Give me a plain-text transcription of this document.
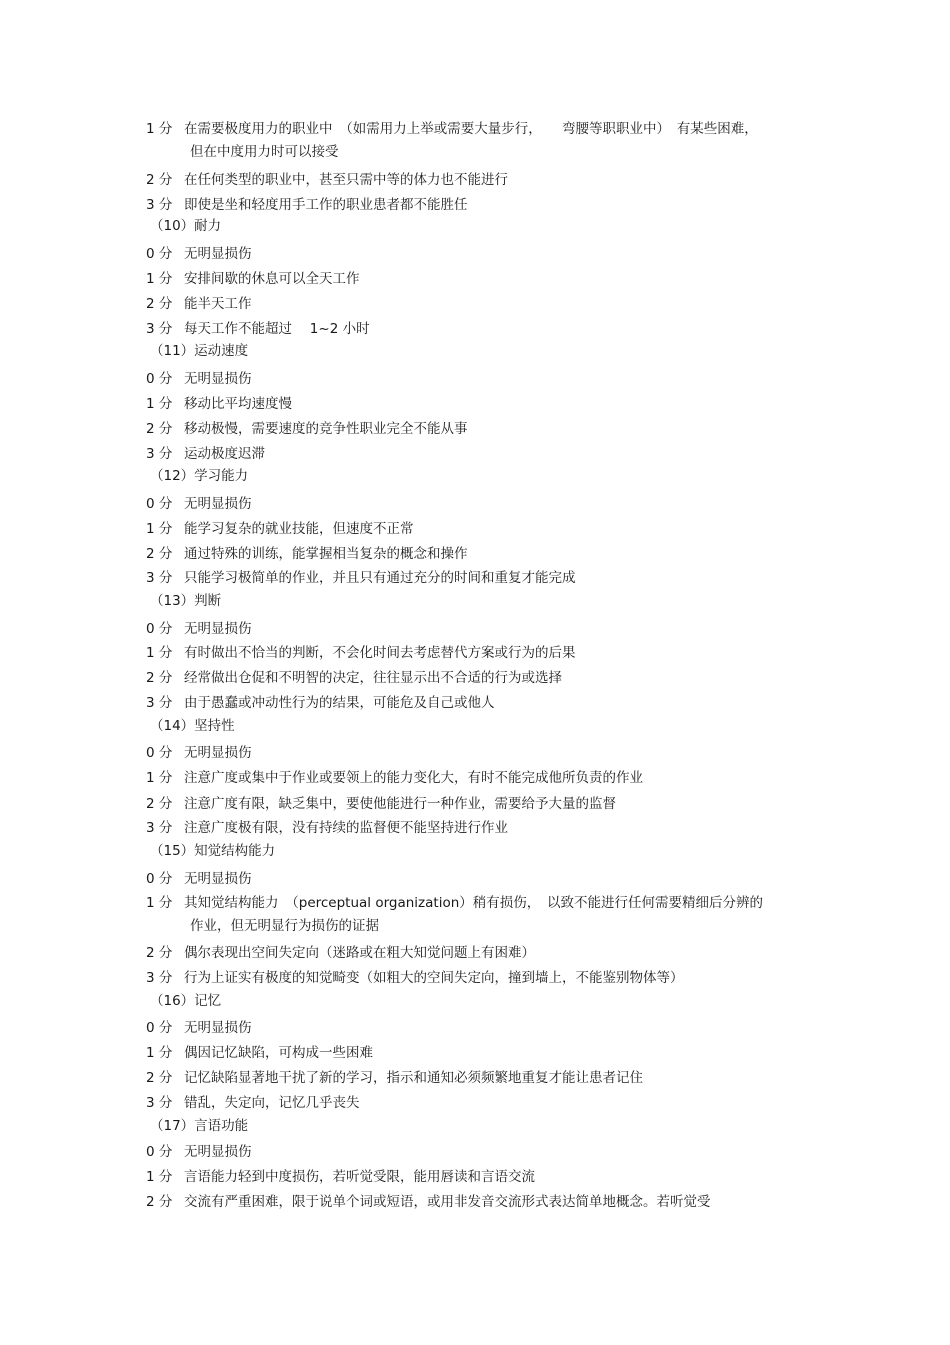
1 分 在需要极度用力的职业中　（如需用力上举或需要大量步行，　　弯腰等职职业中）　有某些困难，
但在中度用力时可以接受
2 分 在任何类型的职业中，甚至只需中等的体力也不能进行
3 分 即使是坐和轻度用手工作的职业患者都不能胜任
（10）耐力
0 分 无明显损伤
1 分 安排间歇的休息可以全天工作
2 分 能半天工作
3 分 每天工作不能超过　 1~2 小时
（11）运动速度
0 分 无明显损伤
1 分 移动比平均速度慢
2 分 移动极慢，需要速度的竞争性职业完全不能从事
3 分 运动极度迟滞
（12）学习能力
0 分 无明显损伤
1 分 能学习复杂的就业技能，但速度不正常
2 分 通过特殊的训练，能掌握相当复杂的概念和操作
3 分 只能学习极简单的作业，并且只有通过充分的时间和重复才能完成
（13）判断
0 分 无明显损伤
1 分 有时做出不恰当的判断，不会化时间去考虑替代方案或行为的后果
2 分 经常做出仓促和不明智的决定，往往显示出不合适的行为或选择
3 分 由于愚蠢或冲动性行为的结果，可能危及自己或他人
（14）坚持性
0 分 无明显损伤
1 分 注意广度或集中于作业或要领上的能力变化大，有时不能完成他所负责的作业
2 分 注意广度有限，缺乏集中，要使他能进行一种作业，需要给予大量的监督
3 分 注意广度极有限，没有持续的监督便不能坚持进行作业
（15）知觉结构能力
0 分 无明显损伤
1 分 其知觉结构能力　（perceptual organization）稍有损伤，　以致不能进行任何需要精细后分辨的
作业，但无明显行为损伤的证据
2 分 偶尔表现出空间失定向（迷路或在粗大知觉问题上有困难）
3 分 行为上证实有极度的知觉畸变（如粗大的空间失定向，撞到墙上，不能鉴别物体等）
（16）记忆
0 分 无明显损伤
1 分 偶因记忆缺陷，可构成一些困难
2 分 记忆缺陷显著地干扰了新的学习，指示和通知必须频繁地重复才能让患者记住
3 分 错乱，失定向，记忆几乎丧失
（17）言语功能
0 分 无明显损伤
1 分 言语能力轻到中度损伤，若听觉受限，能用唇读和言语交流
2 分 交流有严重困难，限于说单个词或短语，或用非发音交流形式表达简单地概念。若听觉受
